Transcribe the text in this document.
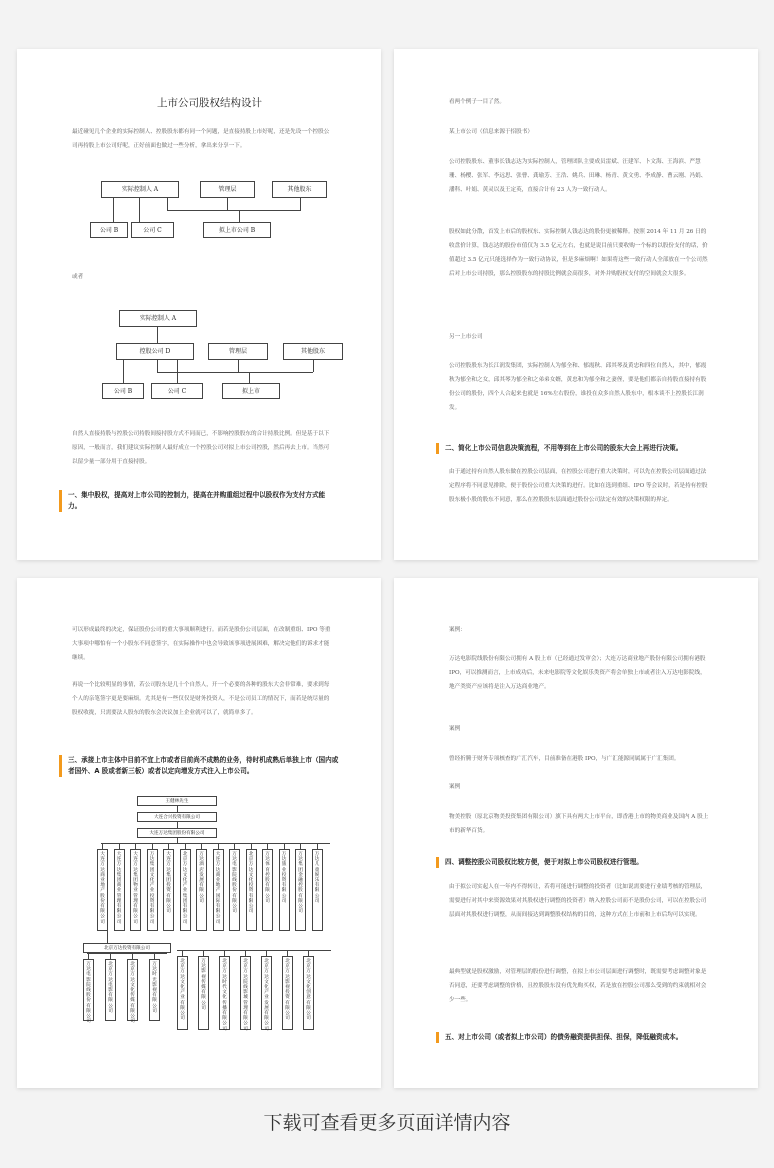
上市公司股权结构设计
最近碰见几个企业的实际控制人、控股股东都有同一个问题，是直接持股上市好呢，还是先设一个控股公司再持股上市公司好呢，正好前面也做过一些分析，拿出来分享一下。
实际控制人 A	管理层	其他股东
公司 B	公司 C	拟上市公司 B
或者
实际控制人 A
控股公司 D	管理层	其他股东
公司 B	公司 C	拟上市
自然人直接持股与控股公司持股间接持股方式不同而已，不影响控股股东的合计持股比例。但是基于以下原因，一般而言，我们建议实际控制人最好成立一个控股公司对拟上市公司控股，然后再去上市。当然可以留少量一部分用于直接持股。
一、集中股权，提高对上市公司的控制力，提高在并购重组过程中以股权作为支付方式能力。
看两个例子一目了然。
某上市公司（信息来源于招股书）
公司控股股东、董事长钱志达为实际控制人，管理团队主要成员雷斌、汪建军、卜文海、王海滨、严慧珊、杨樱、张军、李远思、张曹、龚瑜芳、王浩、姚兵、田琳、杨青、黄文勇、李成静、曹云刚、冯娟、潘科、叶娟、黄灵以及王定英，直接合计有 23 人为一致行动人。
股权如此分散，首发上市后的股权东、实际控制人钱志达的股份更被稀释。按照 2014 年 11 月 26 日的收盘价计算，钱志达的股份市值仅为 3.5 亿元左右，也就是说目前只要收购一个标的以股份支付的话，价值超过 3.5 亿元只能选择作为一致行动协议，但是多麻烦啊！如果将这些一致行动人全部放在一个公司然后对上市公司持股，那么控股股东的持股比例就会高很多，对外并购股权支付的空间就会大很多。
另一上市公司
公司控股股东为长江润发集团，实际控制人为郁全和、郁霞秋、邱其琴及黄忠和四位自然人，其中，郁霞秋为郁全和之女，邱其琴为郁全和之弟弟女婿，黄忠和为郁全和之妻侄，要是他们都亲自持股直接持有股份公司的股份，四个人合起来也就是 16%左右股份，谁投在众多自然人股东中，根本谈不上控股长江润发。
二、简化上市公司信息决策流程，不用等到在上市公司的股东大会上再进行决策。
由于通过持有自然人股东做在控股公司层面，在控股公司进行重大决策时，可以先在控股公司层面通过法定程序将不同意见排除，便于股份公司重大决策的进行。比如在选到重组、IPO 等会议时，若是持有控股股东极小股的股东不同意，那么在控股股东层面通过股份公司法定有效的决策权限的界定。
可以形成最终的决定，保证股份公司的重大事项顺利进行。而若是股份公司层面，在改制重组、IPO 等重大事项中哪怕有一个小股东不同意签字，在实际操作中也会导致该事项进展困难，解决完他们的诉求才能继续。
再说一个比较明显的事情，若公司股东是几十个自然人，开一个必要的各种的股东大会非常难，要求到每个人的亲笔签字更是要麻烦。尤其是有一些仅仅是财务投资人，不是公司员工的情况下，而若是统尽量的股权收拢，只需要法人股东的股东会决议加上企业就可以了，就简单多了。
三、承接上市主体中目前不宜上市或者目前尚不成熟的业务，待时机成熟后单独上市（国内或者国外、A 股或者新三板）或者以定向增发方式注入上市公司。
王健林先生
大连合兴投资有限公司
大连万达集团股份有限公司
大连万达商业地产股份有限公司
大连万达集团商业管理有限公司
大连万达集团物业管理有限公司
万达集团文化产业投资有限公司
大连万达集团投资有限公司
北京万达文化产业集团有限公司
万达酒店发展有限公司
大连万达商业地产国际有限公司
万达电影院线股份有限公司
北京万达文化投资有限公司
万达体育控股有限公司
万达旅业投资有限公司
万达集团金融控股有限公司
万达儿童娱乐有限公司
北京万达投资有限公司
万达电影院线股份有限公司
北京万达电影有限公司
北京万达文化传媒有限公司
万达时光影视有限公司
北京万达文化产业有限公司
万达影视传媒有限公司
北京万达时代文化传播有限公司
北京万达院线影城管理有限公司
北京万达文化产业发展有限公司
北京万达影视投资有限公司
北京万达文化创意有限公司
案例：
万达电影院线股份有限公司拥有 A 股上市（已经通过发审会）；大连万达商业地产股份有限公司拥有港股 IPO，可以推测而言，上市成功后，未来电影院等文化娱乐类资产将会单独上市或者注入万达电影院线，地产类资产应该将是注入万达商业地产。
案例
曾经折腾于财务专项核查的广汇汽车，目前准备在港股 IPO，与广汇能源同属属于广汇集团。
案例
物美控股（原北京物美投资集团有限公司）旗下具有两大上市平台，即香港上市的物美商业及国内 A 股上市的新华百货。
四、调整控股公司股权比较方便，便于对拟上市公司股权进行管理。
由于拟公司实起人在一年内不得转让，若将可能进行调整的投资者（比如说需要进行业绩考核的管理层，需要进行对其中来资源效果对其股权进行调整的投资者）纳入控股公司而不是股份公司，可以在控股公司层面对其股权进行调整，从而间接达到调整股权结构的目的，这种方式在上市前和上市后均可以实现。
最典型就是股权激励，对管理层的股份进行调整，在拟上市公司层面进行调整时，既需要考虑调整对象是否同意，还要考虑调整的价格，且控股股东没有优先购买权，若是放在控股公司那么受到的约束就相对会少一些。
五、对上市公司（或者拟上市公司）的债务融资提供担保、担保，降低融资成本。
下载可查看更多页面详情内容
